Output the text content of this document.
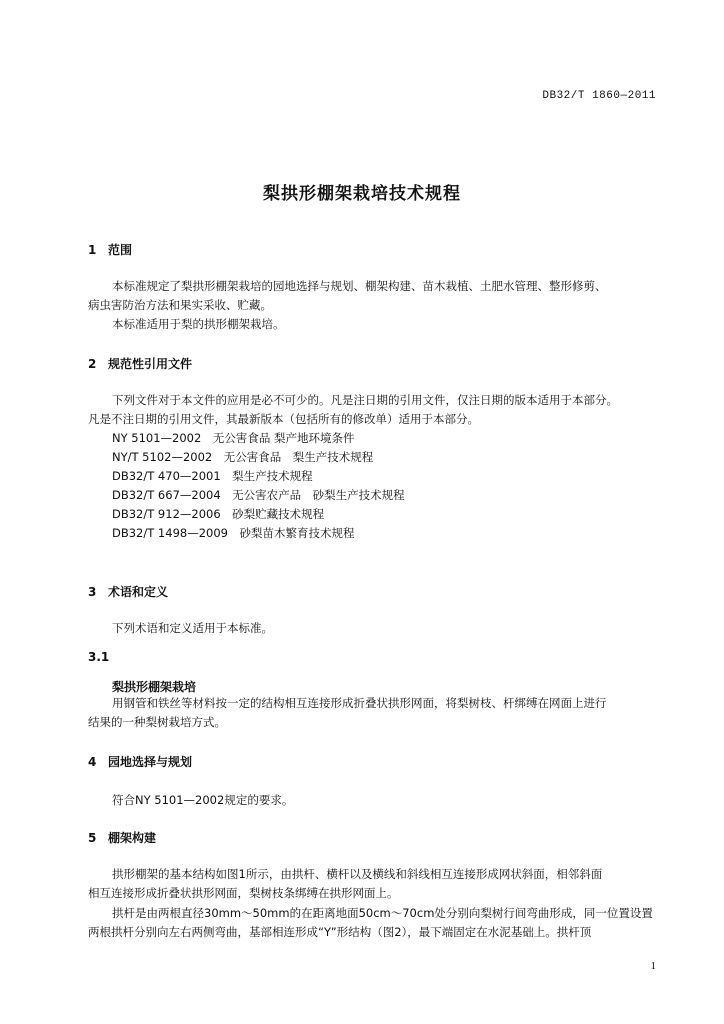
DB32/T 1860—2011
梨拱形棚架栽培技术规程
1 范围
本标准规定了梨拱形棚架栽培的园地选择与规划、棚架构建、苗木栽植、土肥水管理、整形修剪、
病虫害防治方法和果实采收、贮藏。
本标准适用于梨的拱形棚架栽培。
2 规范性引用文件
下列文件对于本文件的应用是必不可少的。凡是注日期的引用文件，仅注日期的版本适用于本部分。
凡是不注日期的引用文件，其最新版本（包括所有的修改单）适用于本部分。
NY 5101—2002　无公害食品 梨产地环境条件
NY/T 5102—2002　无公害食品　梨生产技术规程
DB32/T 470—2001　梨生产技术规程
DB32/T 667—2004　无公害农产品　砂梨生产技术规程
DB32/T 912—2006　砂梨贮藏技术规程
DB32/T 1498—2009　砂梨苗木繁育技术规程
3 术语和定义
下列术语和定义适用于本标准。
3.1
梨拱形棚架栽培
用钢管和铁丝等材料按一定的结构相互连接形成折叠状拱形网面，将梨树枝、杆绑缚在网面上进行
结果的一种梨树栽培方式。
4 园地选择与规划
符合NY 5101—2002规定的要求。
5 棚架构建
拱形棚架的基本结构如图1所示，由拱杆、横杆以及横线和斜线相互连接形成网状斜面，相邻斜面
相互连接形成折叠状拱形网面，梨树枝条绑缚在拱形网面上。
拱杆是由两根直径30mm～50mm的在距离地面50cm～70cm处分别向梨树行间弯曲形成，同一位置设置
两根拱杆分别向左右两侧弯曲，基部相连形成“Y”形结构（图2），最下端固定在水泥基础上。拱杆顶
1
